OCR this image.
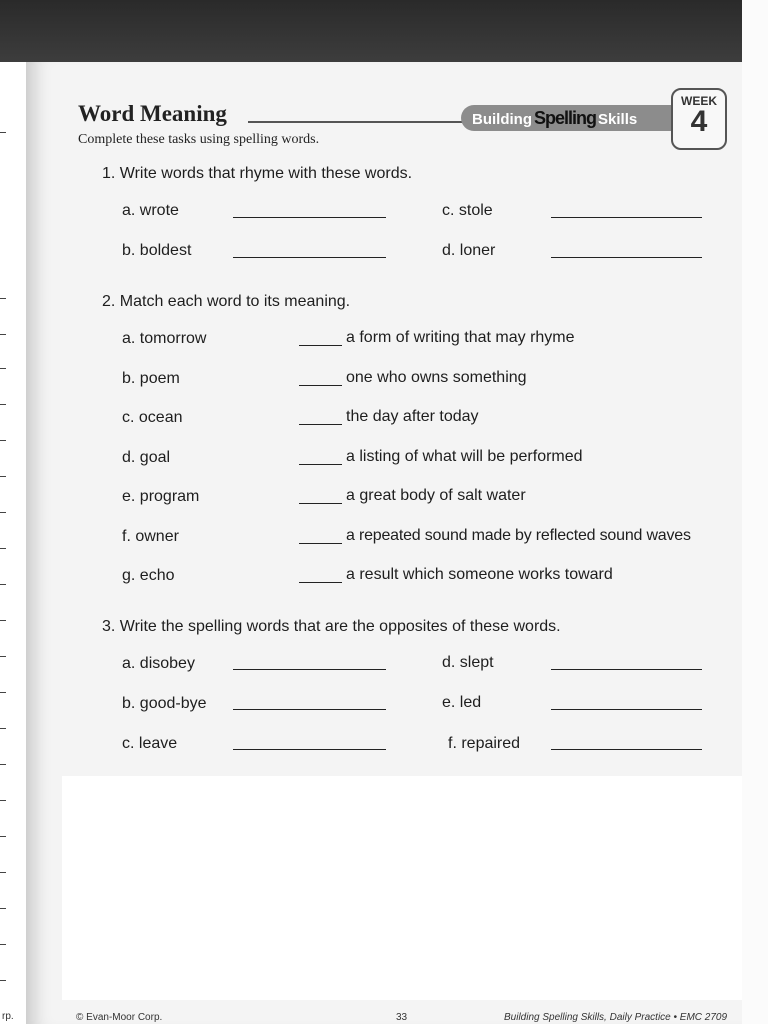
rp.
Word Meaning
Complete these tasks using spelling words.
Building Spelling Skills
WEEK
4
1. Write words that rhyme with these words.
a. wrote	c. stole
b. boldest	d. loner
2. Match each word to its meaning.
a. tomorrow	a form of writing that may rhyme
b. poem	one who owns something
c. ocean	the day after today
d. goal	a listing of what will be performed
e. program	a great body of salt water
f. owner	a repeated sound made by reflected sound waves
g. echo	a result which someone works toward
3. Write the spelling words that are the opposites of these words.
a. disobey	d. slept
b. good-bye	e. led
c. leave	f. repaired
© Evan-Moor Corp.	33	Building Spelling Skills, Daily Practice • EMC 2709
